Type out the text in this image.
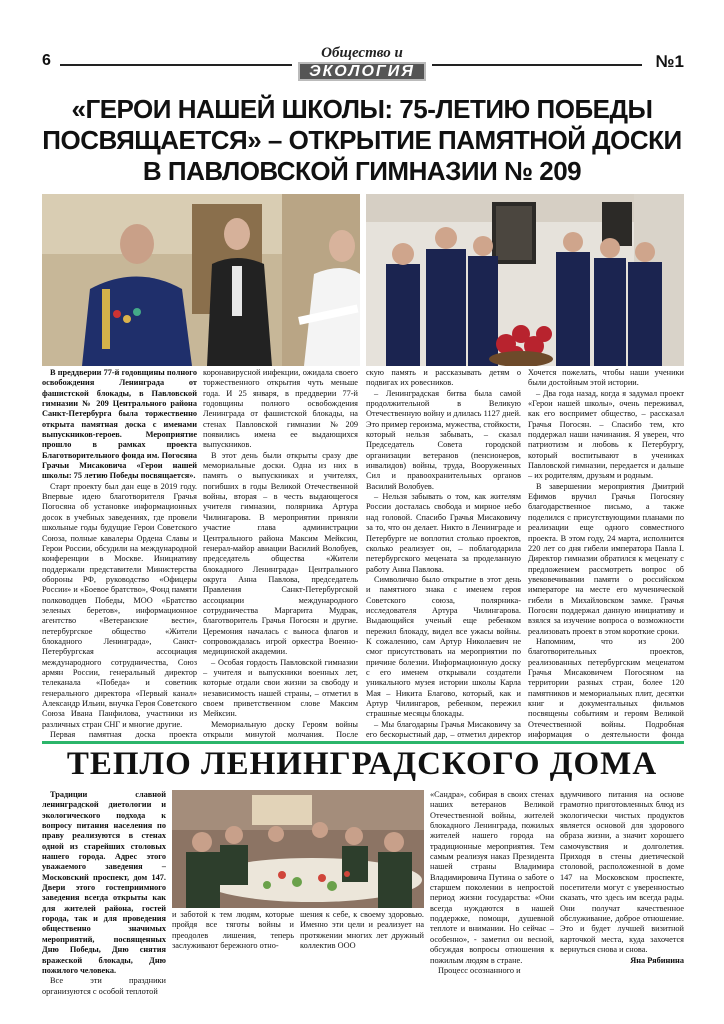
6	Общество и
ЭКОЛОГИЯ
№1
«ГЕРОИ НАШЕЙ ШКОЛЫ: 75-ЛЕТИЮ ПОБЕДЫ ПОСВЯЩАЕТСЯ» – ОТКРЫТИЕ ПАМЯТНОЙ ДОСКИ В ПАВЛОВСКОЙ ГИМНАЗИИ № 209

В преддверии 77-й годовщины полного освобождения Ленинграда от фашистской блокады, в Павловской гимназии № 209 Центрального района Санкт-Петербурга была торжественно открыта памятная доска с именами выпускников-героев. Мероприятие прошло в рамках проекта Благотворительного фонда им. Погосяна Грачьи Мисаковича «Герои нашей школы: 75 летию Победы посвящается».

Старт проекту был дан еще в 2019 году. Впервые идею благотворителя Грачья Погосяна об установке информационных досок в учебных заведениях, где провели школьные годы будущие Герои Советского Союза, полные кавалеры Ордена Славы и Герои России, обсудили на международной конференции в Москве. Инициативу поддержали представители Министерства обороны РФ, руководство «Офицеры России» и «Боевое братство», Фонд памяти полководцев Победы, МОО «Братство зеленых беретов», информационное агентство «Ветеранские вести», петербургское общество «Жители блокадного Ленинграда», Санкт-Петербургская ассоциация международного сотрудничества, Союз армян России, генеральный директор телеканала «Победа» и советник генерального директора «Первый канал» Александр Ильин, внучка Героя Советского Союза Ивана Панфилова, участники из различных стран СНГ и многие другие.

Первая памятная доска проекта

коронавирусной инфекции, ожидала своего торжественного открытия чуть меньше года. И 25 января, в преддверии 77-й годовщины полного освобождения Ленинграда от фашистской блокады, на стенах Павловской гимназии №209 появились имена ее выдающихся выпускников.

В этот день были открыты сразу две мемориальные доски. Одна из них в память о выпускниках и учителях, погибших в годы Великой Отечественной войны, вторая – в честь выдающегося учителя гимназии, полярника Артура Чилингарова. В мероприятии приняли участие глава администрации Центрального района Максим Мейксин, генерал-майор авиации Василий Волобуев, председатель общества «Жители блокадного Ленинграда» Центрального округа Анна Павлова, председатель Правления Санкт-Петербургской ассоциации международного сотрудничества Маргарита Мудрак, благотворитель Грачья Погосян и другие. Церемония началась с выноса флагов и сопровождалась игрой оркестра Военно-медицинской академии.

– Особая гордость Павловской гимназии – учителя и выпускники военных лет, которые отдали свои жизни за свободу и независимость нашей страны, – отметил в своем приветственном слове Максим Мейксин.

Мемориальную доску Героям войны открыли минутой молчания. После

скую память и рассказывать детям о подвигах их ровесников.

– Ленинградская битва была самой продолжительной в Великую Отечественную войну и длилась 1127 дней. Это пример героизма, мужества, стойкости, который нельзя забывать, – сказал Председатель Совета городской организации ветеранов (пенсионеров, инвалидов) войны, труда, Вооруженных Сил и правоохранительных органов Василий Волобуев.

– Нельзя забывать о том, как жителям России досталась свобода и мирное небо над головой. Спасибо Грачья Мисаковичу за то, что он делает. Никто в Ленинграде и Петербурге не воплотил столько проектов, сколько реализует он, – поблагодарила петербургского мецената за проделанную работу Анна Павлова.

Символично было открытие в этот день и памятного знака с именем героя Советского союза, полярника-исследователя Артура Чилингарова. Выдающийся ученый еще ребенком пережил блокаду, видел все ужасы войны. К сожалению, сам Артур Николаевич не смог присутствовать на мероприятии по причине болезни. Информационную доску с его именем открывали создатели уникального музея истории школы Карла Мая – Никита Благово, который, как и Артур Чилингаров, ребенком, пережил страшные месяцы блокады.

– Мы благодарны Грачья Мисаковичу за его бескорыстный дар, – отметил директор

Хочется пожелать, чтобы наши ученики были достойным этой истории.

– Два года назад, когда я задумал проект «Герои нашей школы», очень переживал, как его воспримет общество, – рассказал Грачья Погосян. – Спасибо тем, кто поддержал наши начинания. Я уверен, что патриотизм и любовь к Петербургу, который воспитывают в учениках Павловской гимназии, передается и дальше – их родителям, друзьям и родным.

В завершении мероприятия Дмитрий Ефимов вручил Грачья Погосяну благодарственное письмо, а также поделился с присутствующими планами по реализации еще одного совместного проекта. В этом году, 24 марта, исполнится 220 лет со дня гибели императора Павла I. Директор гимназии обратился к меценату с предложением рассмотреть вопрос об увековечивании памяти о российском императоре на месте его мученической гибели в Михайловском замке. Грачья Погосян поддержал данную инициативу и взялся за изучение вопроса о возможности реализовать проект в этом короткие сроки.

Напомним, что из 200 благотворительных проектов, реализованных петербургским меценатом Грачья Мисаковичем Погосяном на территории разных стран, более 120 памятников и мемориальных плит, десятки книг и документальных фильмов посвящены событиям и героям Великой Отечественной войны. Подробная информация о деятельности фонда

ТЕПЛО ЛЕНИНГРАДСКОГО ДОМА

Традиции славной ленинградской диетологии и экологического подхода к вопросу питания населения по праву реализуются в стенах одной из старейших столовых нашего города. Адрес этого уважаемого заведения – Московский проспект, дом 147. Двери этого гостеприимного заведения всегда открыты как для жителей района, гостей города, так и для проведения общественно значимых мероприятий, посвященных Дню Победы, Дню снятия вражеской блокады, Дню пожилого человека.

Все эти праздники организуются с особой теплотой

и заботой к тем людям, которые пройдя все тяготы войны и преодолев лишения, теперь заслуживают бережного отно-

шения к себе, к своему здоровью. Именно эти цели и реализует на протяжении многих лет дружный коллектив ООО

«Сандра», собирая в своих стенах наших ветеранов Великой Отечественной войны, жителей блокадного Ленинграда, пожилых жителей нашего города на традиционные мероприятия. Тем самым реализуя наказ Президента нашей страны Владимира Владимировича Путина о заботе о старшем поколении в непростой период жизни государства: «Они всегда нуждаются в нашей поддержке, помощи, душевной теплоте и внимании. Но сейчас – особенно», - заметил он весной, обсуждая вопросы отношения к пожилым людям в стране.

Процесс осознанного и

вдумчивого питания на основе грамотно приготовленных блюд из экологически чистых продуктов является основой для здорового образа жизни, а значит хорошего самочувствия и долголетия. Приходя в стены диетической столовой, расположенной в доме 147 на Московском проспекте, посетители могут с уверенностью сказать, что здесь им всегда рады. Они получат качественное обслуживание, доброе отношение. Это и будет лучшей визитной карточкой места, куда захочется вернуться снова и снова.

Яна Рябинина
